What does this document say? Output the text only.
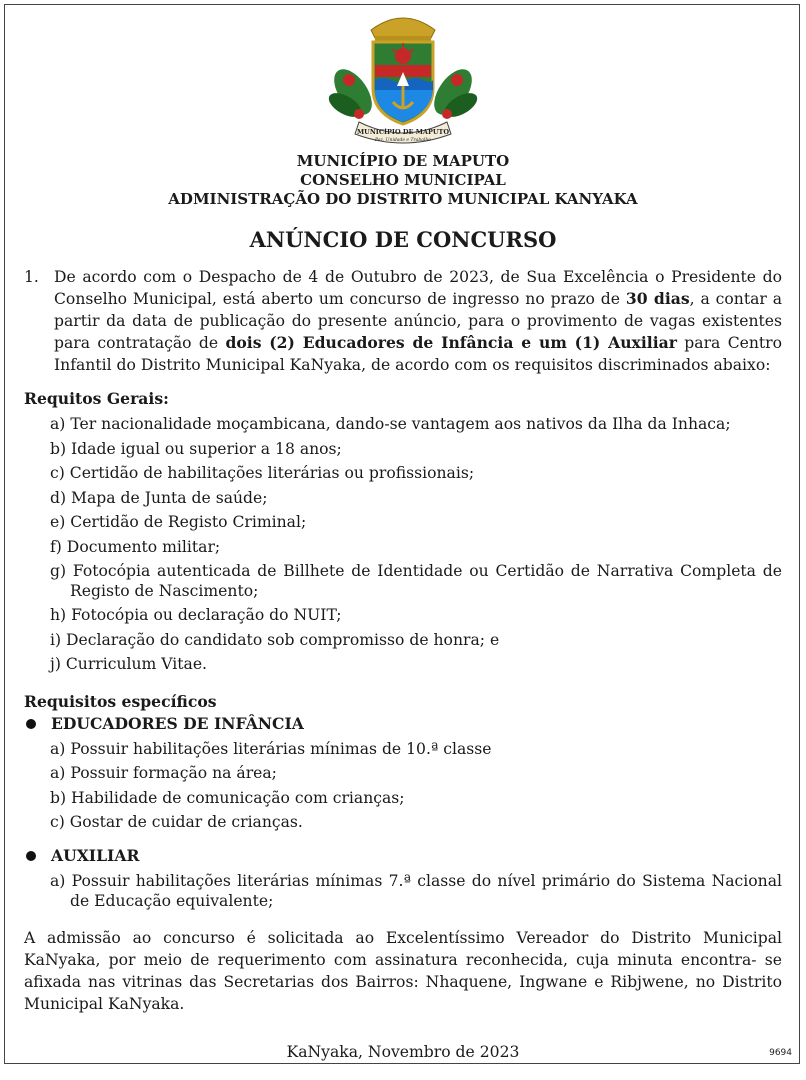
MUNICÍPIO DE MAPUTO
Paz, Unidade e Trabalho
MUNICÍPIO DE MAPUTO
CONSELHO MUNICIPAL
ADMINISTRAÇÃO DO DISTRITO MUNICIPAL KANYAKA
ANÚNCIO DE CONCURSO
1. De acordo com o Despacho de 4 de Outubro de 2023, de Sua Excelência o Presidente do Conselho Municipal, está aberto um concurso de ingresso no prazo de 30 dias, a contar a partir da data de publicação do presente anúncio, para o provimento de vagas existentes para contratação de dois (2) Educadores de Infância e um (1) Auxiliar para Centro Infantil do Distrito Municipal KaNyaka, de acordo com os requisitos discriminados abaixo:
Requitos Gerais:
a) Ter nacionalidade moçambicana, dando-se vantagem aos nativos da Ilha da Inhaca;
b) Idade igual ou superior a 18 anos;
c) Certidão de habilitações literárias ou profissionais;
d) Mapa de Junta de saúde;
e) Certidão de Registo Criminal;
f) Documento militar;
g) Fotocópia autenticada de Billhete de Identidade ou Certidão de Narrativa Completa de Registo de Nascimento;
h) Fotocópia ou declaração do NUIT;
i) Declaração do candidato sob compromisso de honra; e
j) Curriculum Vitae.
Requisitos específicos
EDUCADORES DE INFÂNCIA
a) Possuir habilitações literárias mínimas de 10.ª classe
a) Possuir formação na área;
b) Habilidade de comunicação com crianças;
c) Gostar de cuidar de crianças.
AUXILIAR
a) Possuir habilitações literárias mínimas 7.ª classe do nível primário do Sistema Nacional de Educação equivalente;
A admissão ao concurso é solicitada ao Excelentíssimo Vereador do Distrito Municipal KaNyaka, por meio de requerimento com assinatura reconhecida, cuja minuta encontra- se afixada nas vitrinas das Secretarias dos Bairros: Nhaquene, Ingwane e Ribjwene, no Distrito Municipal KaNyaka.
KaNyaka, Novembro de 2023	9694
